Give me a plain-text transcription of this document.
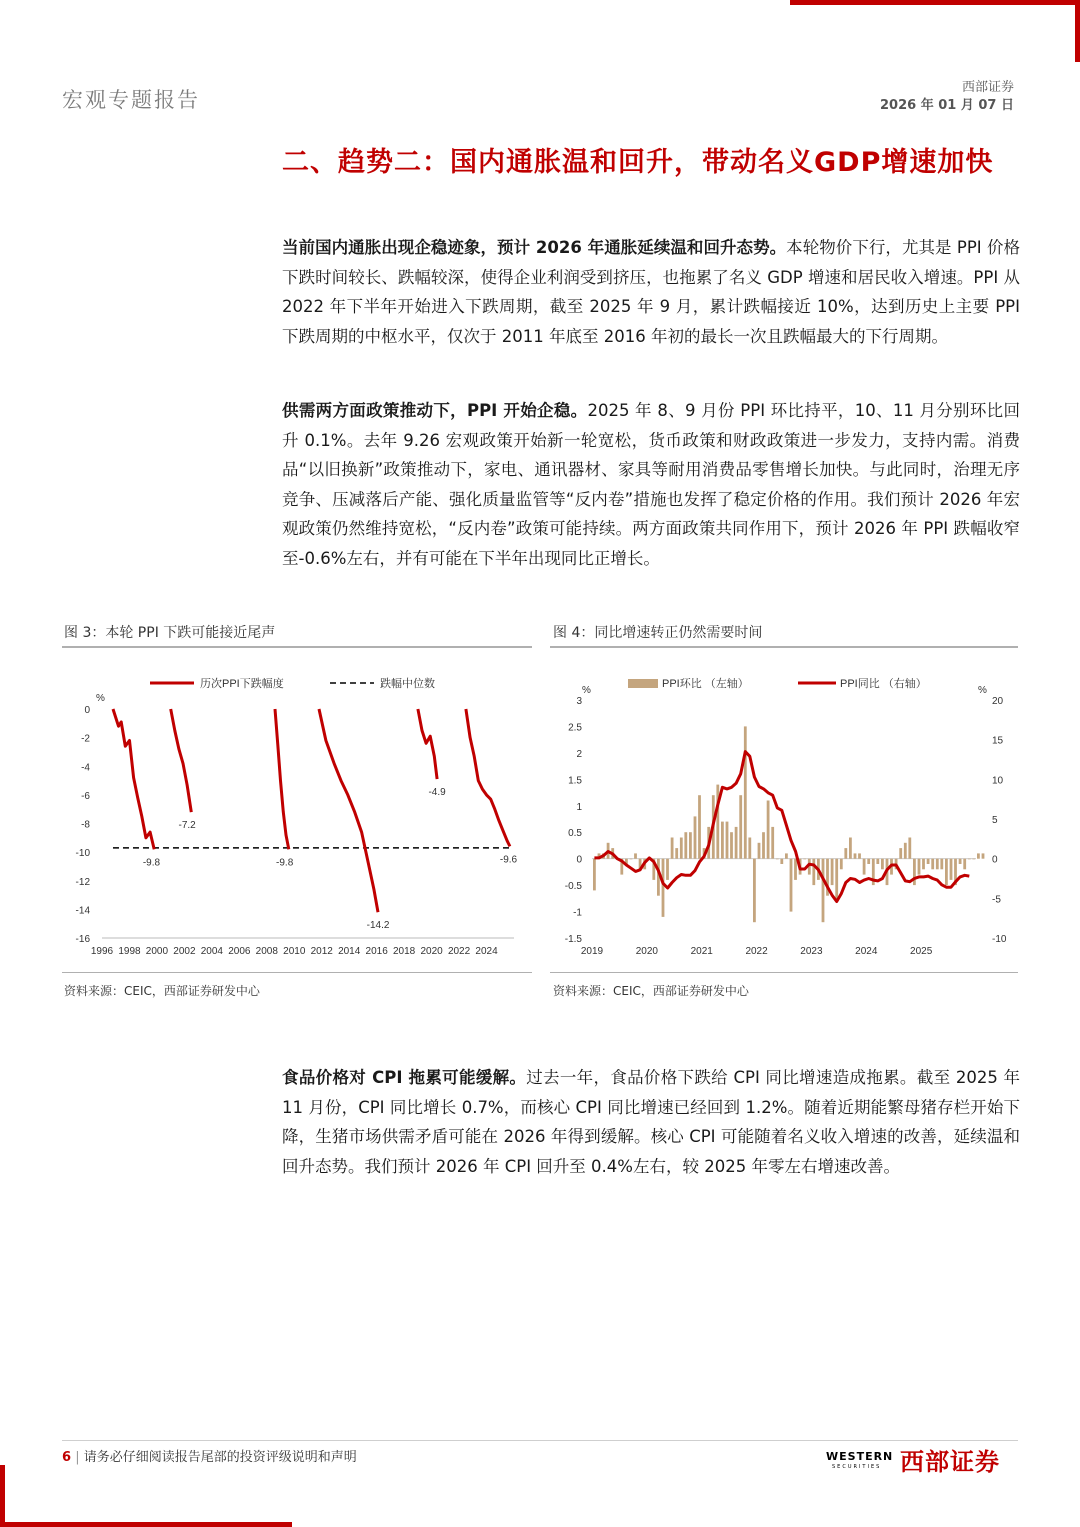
宏观专题报告
西部证券
2026 年 01 月 07 日
二、趋势二：国内通胀温和回升，带动名义GDP增速加快
当前国内通胀出现企稳迹象，预计 2026 年通胀延续温和回升态势。本轮物价下行，尤其是 PPI 价格下跌时间较长、跌幅较深，使得企业利润受到挤压，也拖累了名义 GDP 增速和居民收入增速。PPI 从 2022 年下半年开始进入下跌周期，截至 2025 年 9 月，累计跌幅接近 10%，达到历史上主要 PPI 下跌周期的中枢水平，仅次于 2011 年底至 2016 年初的最长一次且跌幅最大的下行周期。
供需两方面政策推动下，PPI 开始企稳。2025 年 8、9 月份 PPI 环比持平，10、11 月分别环比回升 0.1%。去年 9.26 宏观政策开始新一轮宽松，货币政策和财政政策进一步发力，支持内需。消费品“以旧换新”政策推动下，家电、通讯器材、家具等耐用消费品零售增长加快。与此同时，治理无序竞争、压减落后产能、强化质量监管等“反内卷”措施也发挥了稳定价格的作用。我们预计 2026 年宏观政策仍然维持宽松，“反内卷”政策可能持续。两方面政策共同作用下，预计 2026 年 PPI 跌幅收窄至-0.6%左右，并有可能在下半年出现同比正增长。
图 3：本轮 PPI 下跌可能接近尾声
历次PPI下跌幅度	跌幅中位数
%
0
-2
-4
-6
-8
-10
-12
-14
-16
1996 1998 2000 2002 2004 2006 2008 2010 2012 2014 2016 2018 2020 2022 2024
-9.8
-7.2
-9.8
-14.2
-4.9
-9.6
资料来源：CEIC，西部证券研发中心
图 4：同比增速转正仍然需要时间
PPI环比 （左轴）	PPI同比 （右轴）
%	%
3
2.5
2
1.5
1
0.5
0
-0.5
-1
-1.5
20
15
10
5
0
-5
-10
2019	2020	2021	2022	2023	2024	2025
资料来源：CEIC，西部证券研发中心
食品价格对 CPI 拖累可能缓解。过去一年，食品价格下跌给 CPI 同比增速造成拖累。截至 2025 年 11 月份，CPI 同比增长 0.7%，而核心 CPI 同比增速已经回到 1.2%。随着近期能繁母猪存栏开始下降，生猪市场供需矛盾可能在 2026 年得到缓解。核心 CPI 可能随着名义收入增速的改善，延续温和回升态势。我们预计 2026 年 CPI 回升至 0.4%左右，较 2025 年零左右增速改善。
6 | 请务必仔细阅读报告尾部的投资评级说明和声明	WESTERN
SECURITIES 西部证券
